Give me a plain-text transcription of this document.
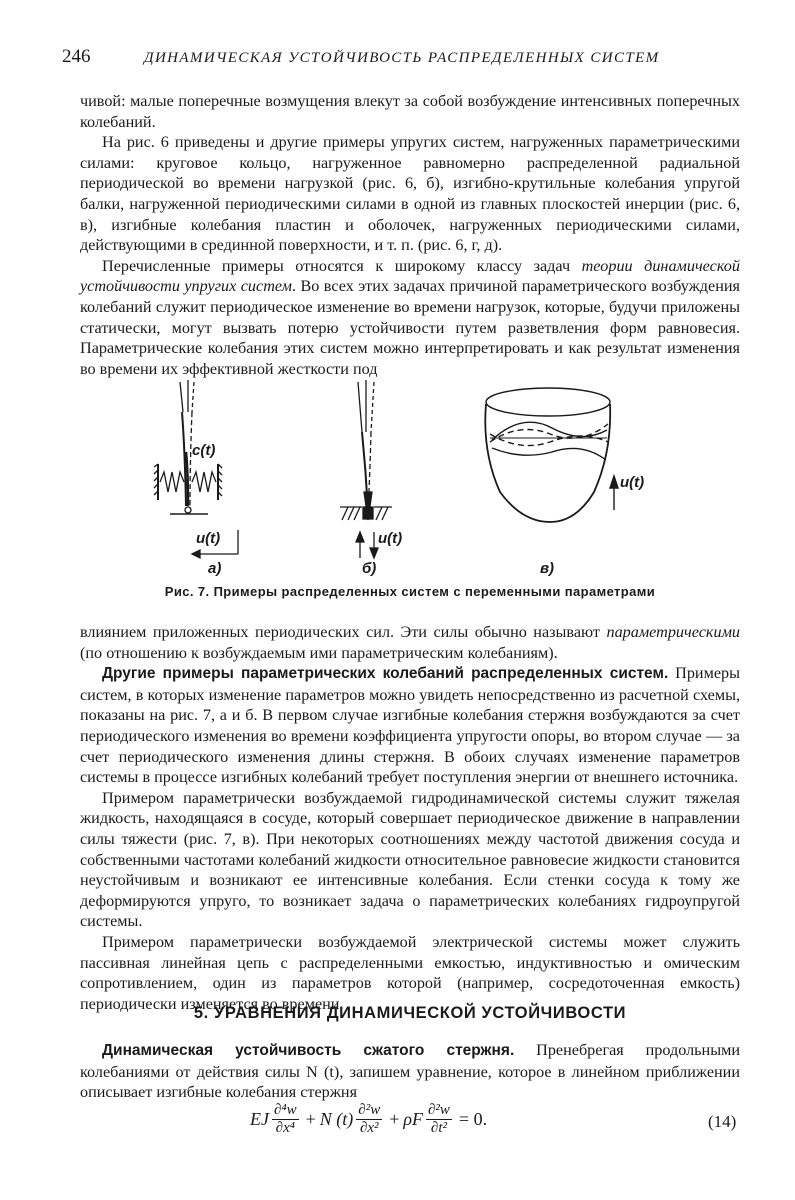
246	ДИНАМИЧЕСКАЯ УСТОЙЧИВОСТЬ РАСПРЕДЕЛЕННЫХ СИСТЕМ

чивой: малые поперечные возмущения влекут за собой возбуждение интенсивных поперечных колебаний.

На рис. 6 приведены и другие примеры упругих систем, нагруженных параметрическими силами: круговое кольцо, нагруженное равномерно распределенной радиальной периодической во времени нагрузкой (рис. 6, б), изгибно-крутильные колебания упругой балки, нагруженной периодическими силами в одной из главных плоскостей инерции (рис. 6, в), изгибные колебания пластин и оболочек, нагруженных периодическими силами, действующими в срединной поверхности, и т. п. (рис. 6, г, д).

Перечисленные примеры относятся к широкому классу задач теории динамической устойчивости упругих систем. Во всех этих задачах причиной параметрического возбуждения колебаний служит периодическое изменение во времени нагрузок, которые, будучи приложены статически, могут вызвать потерю устойчивости путем разветвления форм равновесия. Параметрические колебания этих систем можно интерпретировать и как результат изменения во времени их эффективной жесткости под

c(t)
u(t)	u(t)
u(t)
a)	б)	в)
Рис. 7. Примеры распределенных систем с переменными параметрами

влиянием приложенных периодических сил. Эти силы обычно называют параметрическими (по отношению к возбуждаемым ими параметрическим колебаниям).

Другие примеры параметрических колебаний распределенных систем. Примеры систем, в которых изменение параметров можно увидеть непосредственно из расчетной схемы, показаны на рис. 7, а и б. В первом случае изгибные колебания стержня возбуждаются за счет периодического изменения во времени коэффициента упругости опоры, во втором случае — за счет периодического изменения длины стержня. В обоих случаях изменение параметров системы в процессе изгибных колебаний требует поступления энергии от внешнего источника.

Примером параметрически возбуждаемой гидродинамической системы служит тяжелая жидкость, находящаяся в сосуде, который совершает периодическое движение в направлении силы тяжести (рис. 7, в). При некоторых соотношениях между частотой движения сосуда и собственными частотами колебаний жидкости относительное равновесие жидкости становится неустойчивым и возникают ее интенсивные колебания. Если стенки сосуда к тому же деформируются упруго, то возникает задача о параметрических колебаниях гидроупругой системы.

Примером параметрически возбуждаемой электрической системы может служить пассивная линейная цепь с распределенными емкостью, индуктивностью и омическим сопротивлением, один из параметров которой (например, сосредоточенная емкость) периодически изменяется во времени.

5. УРАВНЕНИЯ ДИНАМИЧЕСКОЙ УСТОЙЧИВОСТИ

Динамическая устойчивость сжатого стержня. Пренебрегая продольными колебаниями от действия силы N (t), запишем уравнение, которое в линейном приближении описывает изгибные колебания стержня

EJ $\frac{\text{∂⁴w}}{\text{∂x⁴}} + N$ $(t) \frac{\text{∂²w}}{\text{∂x²}} + \rho F \frac{\text{∂²w}}{\text{∂t²}} = 0$.	(14)
